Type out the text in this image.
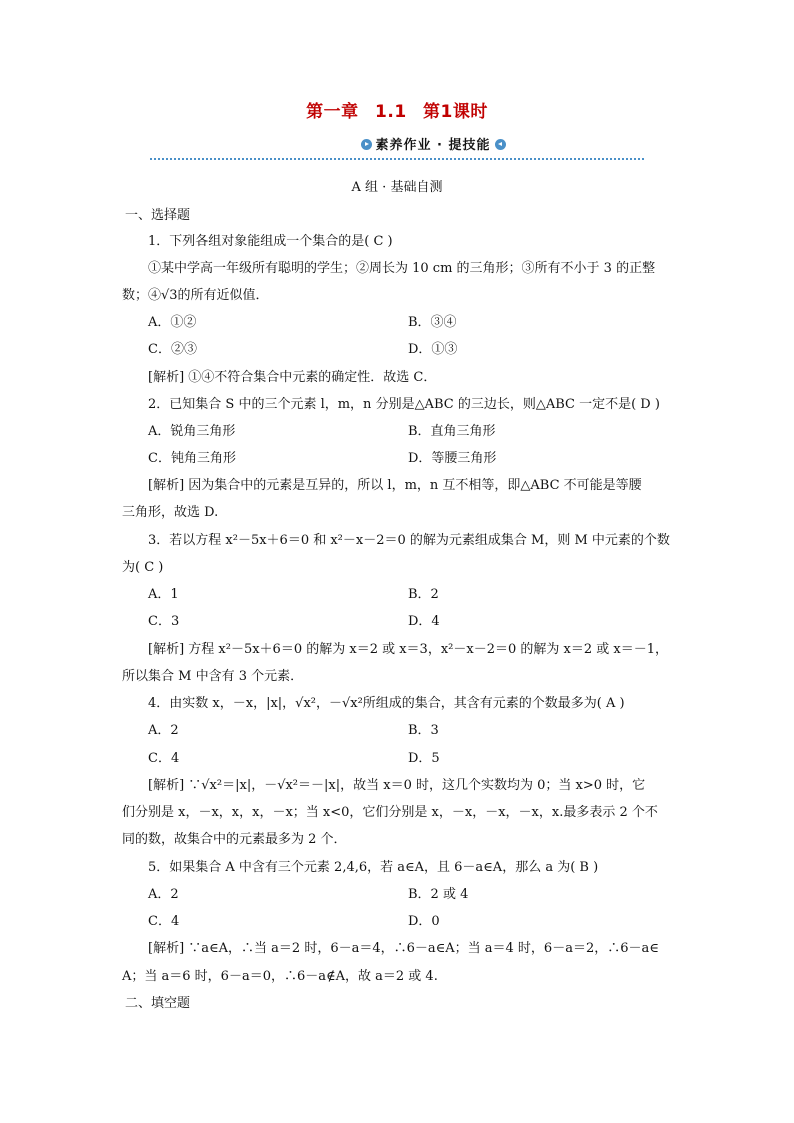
第一章 1.1 第1课时
素养作业 · 提技能
A 组 · 基础自测
一、选择题
1．下列各组对象能组成一个集合的是( C )
①某中学高一年级所有聪明的学生；②周长为 10 cm 的三角形；③所有不小于 3 的正整
数；④√3的所有近似值．
A．①②	B．③④
C．②③	D．①③
[解析] ①④不符合集合中元素的确定性．故选 C．
2．已知集合 S 中的三个元素 l，m，n 分别是△ABC 的三边长，则△ABC 一定不是( D )
A．锐角三角形	B．直角三角形
C．钝角三角形	D．等腰三角形
[解析] 因为集合中的元素是互异的，所以 l，m，n 互不相等，即△ABC 不可能是等腰
三角形，故选 D.
3．若以方程 x²－5x＋6＝0 和 x²－x－2＝0 的解为元素组成集合 M，则 M 中元素的个数
为( C )
A．1	B．2
C．3	D．4
[解析] 方程 x²－5x＋6＝0 的解为 x＝2 或 x＝3，x²－x－2＝0 的解为 x＝2 或 x＝－1，
所以集合 M 中含有 3 个元素．
4．由实数 x，－x，|x|，√x²，－√x²所组成的集合，其含有元素的个数最多为( A )
A．2	B．3
C．4	D．5
[解析] ∵√x²＝|x|，－√x²＝－|x|，故当 x＝0 时，这几个实数均为 0；当 x>0 时，它
们分别是 x，－x，x，x，－x；当 x<0，它们分别是 x，－x，－x，－x，x.最多表示 2 个不
同的数，故集合中的元素最多为 2 个．
5．如果集合 A 中含有三个元素 2,4,6，若 a∈A，且 6－a∈A，那么 a 为( B )
A．2	B．2 或 4
C．4	D．0
[解析] ∵a∈A，∴当 a＝2 时，6－a＝4，∴6－a∈A；当 a＝4 时，6－a＝2，∴6－a∈
A；当 a＝6 时，6－a＝0，∴6－a∉A，故 a＝2 或 4.
二、填空题
